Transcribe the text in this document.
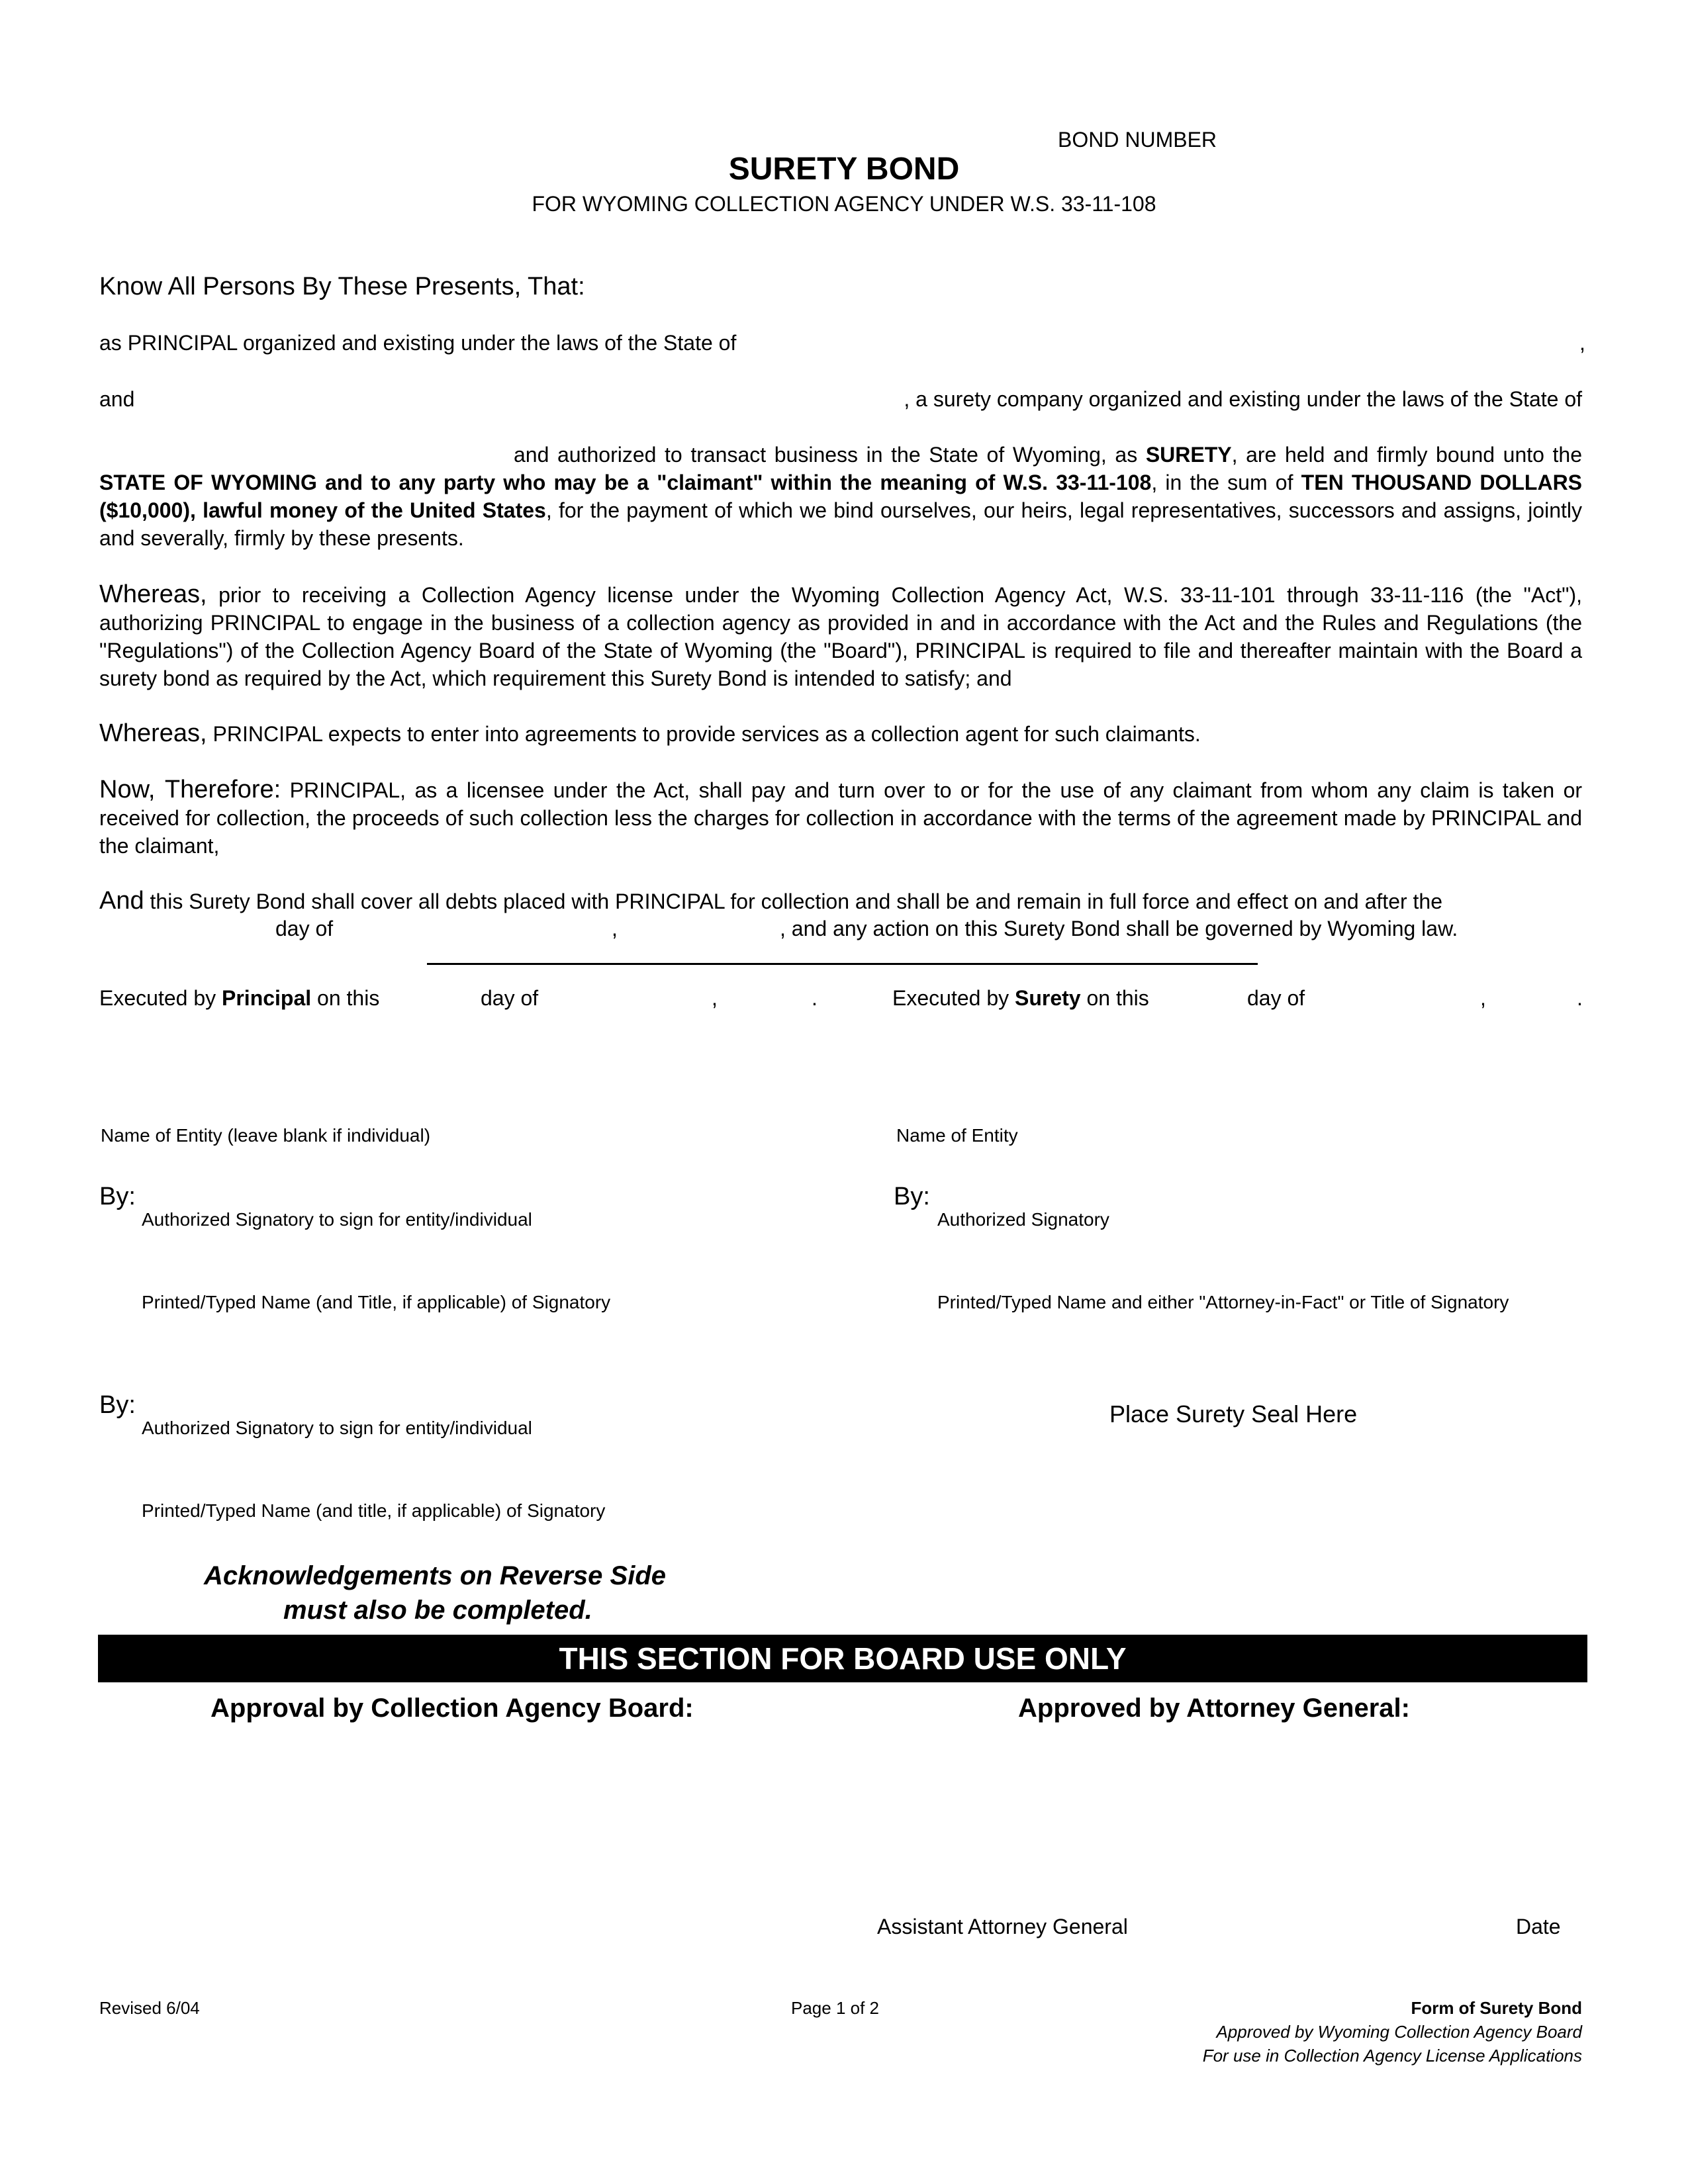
BOND NUMBER
SURETY BOND
FOR WYOMING COLLECTION AGENCY UNDER W.S. 33-11-108
Know All Persons By These Presents, That:
as PRINCIPAL organized and existing under the laws of the State of	,
and	, a surety company organized and existing under the laws of the State of
and authorized to transact business in the State of Wyoming, as SURETY, are held and firmly bound unto the STATE OF WYOMING and to any party who may be a "claimant" within the meaning of W.S. 33-11-108, in the sum of TEN THOUSAND DOLLARS ($10,000), lawful money of the United States, for the payment of which we bind ourselves, our heirs, legal representatives, successors and assigns, jointly and severally, firmly by these presents.
Whereas, prior to receiving a Collection Agency license under the Wyoming Collection Agency Act, W.S. 33-11-101 through 33-11-116 (the "Act"), authorizing PRINCIPAL to engage in the business of a collection agency as provided in and in accordance with the Act and the Rules and Regulations (the "Regulations") of the Collection Agency Board of the State of Wyoming (the "Board"), PRINCIPAL is required to file and thereafter maintain with the Board a surety bond as required by the Act, which requirement this Surety Bond is intended to satisfy; and
Whereas, PRINCIPAL expects to enter into agreements to provide services as a collection agent for such claimants.
Now, Therefore: PRINCIPAL, as a licensee under the Act, shall pay and turn over to or for the use of any claimant from whom any claim is taken or received for collection, the proceeds of such collection less the charges for collection in accordance with the terms of the agreement made by PRINCIPAL and the claimant,
And this Surety Bond shall cover all debts placed with PRINCIPAL for collection and shall be and remain in full force and effect on and after the
day of	,	, and any action on this Surety Bond shall be governed by Wyoming law.
Executed by Principal on this	day of	,	.	Executed by Surety on this	day of	,	.
Name of Entity (leave blank if individual)
By:
Authorized Signatory to sign for entity/individual
Printed/Typed Name (and Title, if applicable) of Signatory
By:
Authorized Signatory to sign for entity/individual
Printed/Typed Name (and title, if applicable) of Signatory
Name of Entity
By:
Authorized Signatory
Printed/Typed Name and either "Attorney-in-Fact" or Title of Signatory
Place Surety Seal Here
Acknowledgements on Reverse Side
must also be completed.
THIS SECTION FOR BOARD USE ONLY
Approval by Collection Agency Board:	Approved by Attorney General:
Assistant Attorney General	Date
Revised 6/04	Page 1 of 2	Form of Surety Bond
Approved by Wyoming Collection Agency Board
For use in Collection Agency License Applications
